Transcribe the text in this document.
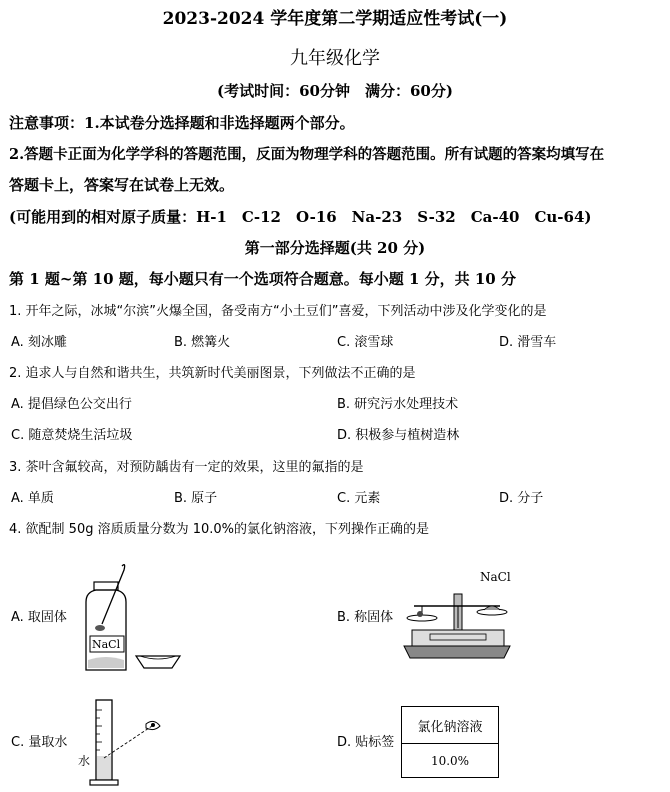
2023-2024 学年度第二学期适应性考试(一)
九年级化学
(考试时间：60分钟　满分：60分)
注意事项：1.本试卷分选择题和非选择题两个部分。
2.答题卡正面为化学学科的答题范围，反面为物理学科的答题范围。所有试题的答案均填写在
答题卡上，答案写在试卷上无效。
(可能用到的相对原子质量：H-1　C-12　O-16　Na-23　S-32　Ca-40　Cu-64)
第一部分选择题(共 20 分)
第 1 题~第 10 题，每小题只有一个选项符合题意。每小题 1 分，共 10 分
1. 开年之际，冰城“尔滨”火爆全国，备受南方“小土豆们”喜爱，下列活动中涉及化学变化的是
A. 刻冰雕	B. 燃篝火	C. 滚雪球	D. 滑雪车
2. 追求人与自然和谐共生，共筑新时代美丽图景，下列做法不正确的是
A. 提倡绿色公交出行	B. 研究污水处理技术
C. 随意焚烧生活垃圾	D. 积极参与植树造林
3. 茶叶含氟较高，对预防龋齿有一定的效果，这里的氟指的是
A. 单质	B. 原子	C. 元素	D. 分子
4. 欲配制 50g 溶质质量分数为 10.0%的氯化钠溶液，下列操作正确的是
A. 取固体	B. 称固体
C. 量取水	D. 贴标签
NaCl
NaCl
水
氯化钠溶液
10.0%
